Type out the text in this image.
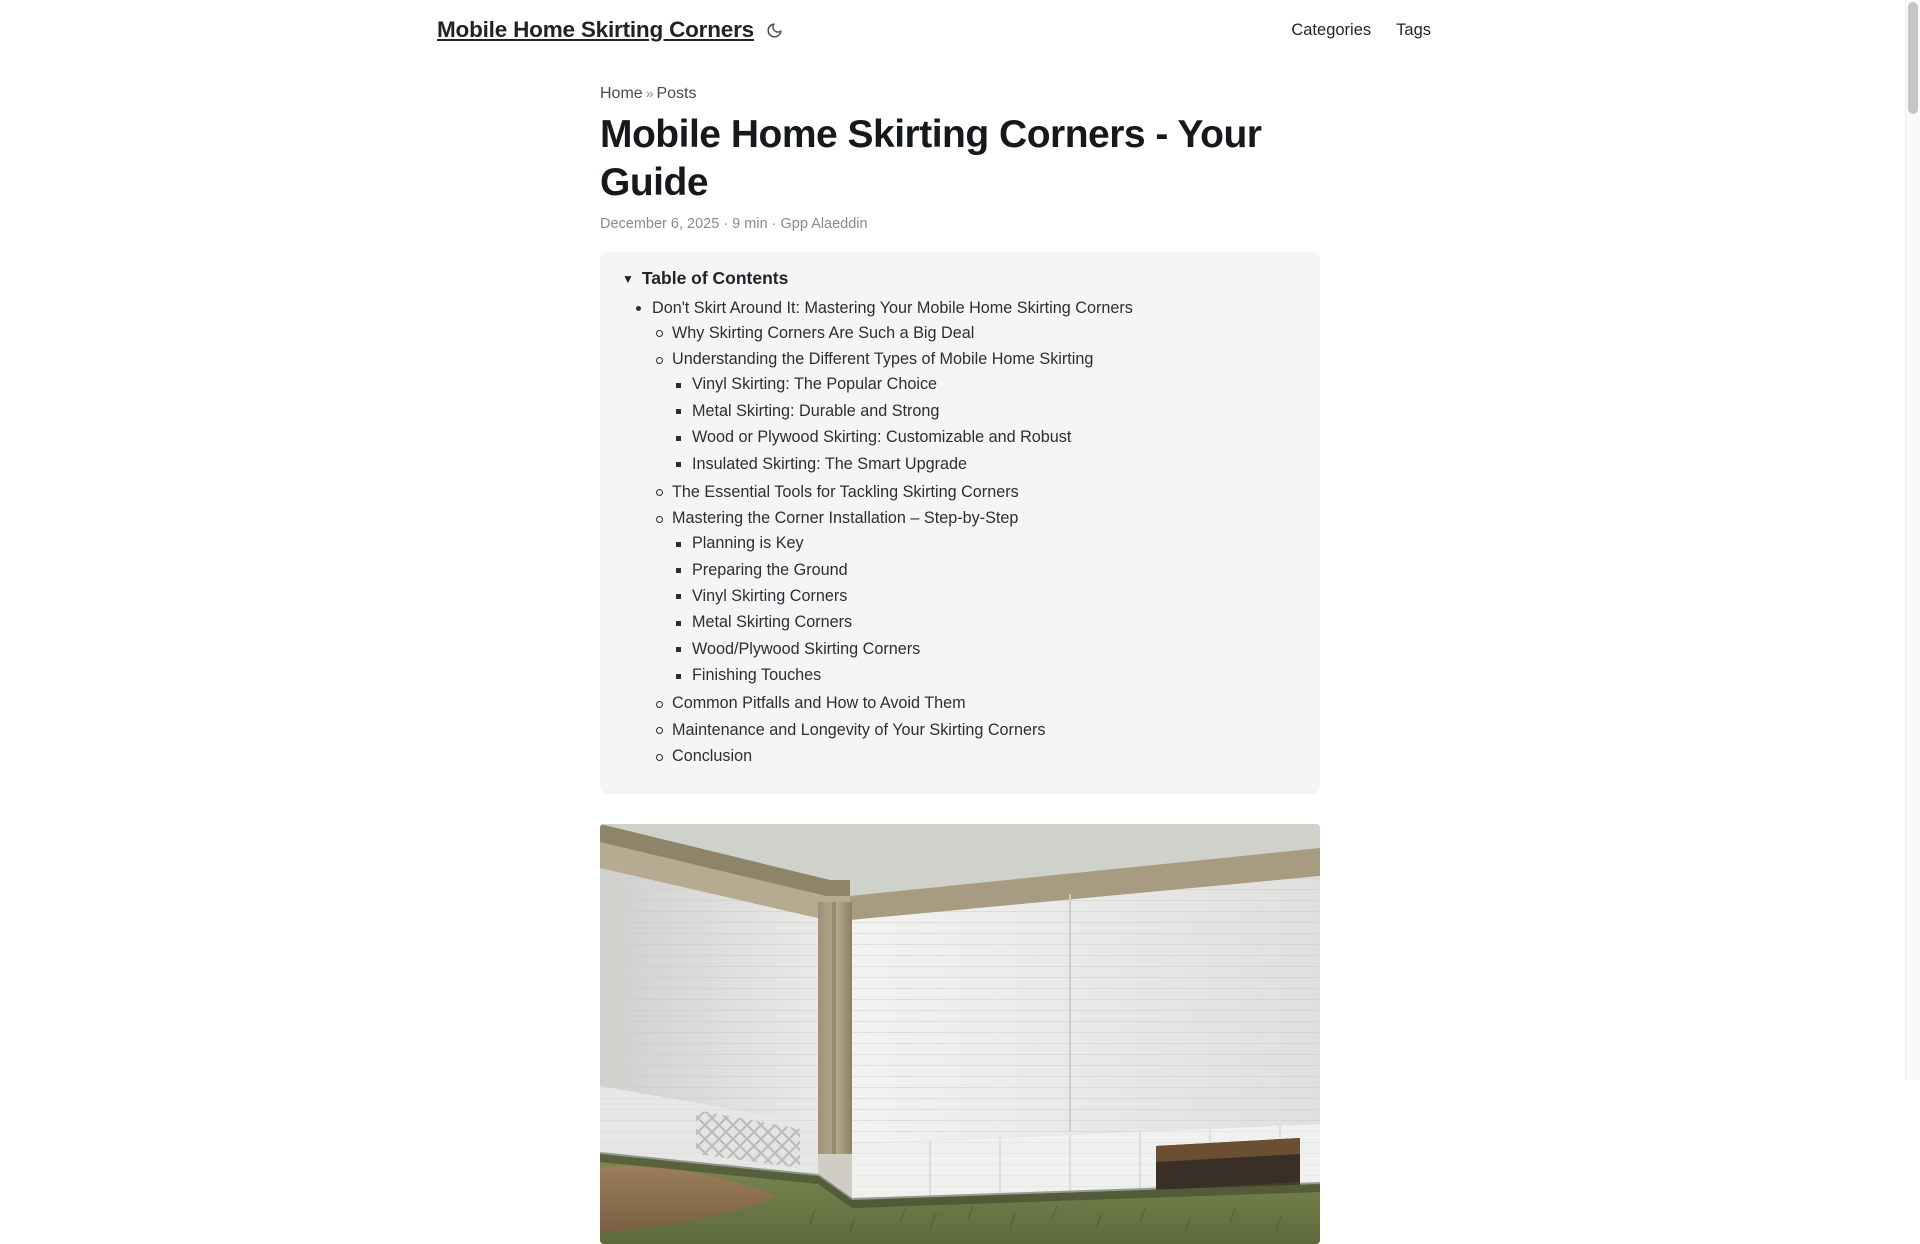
Mobile Home Skirting Corners	Categories Tags
Home » Posts
Mobile Home Skirting Corners - Your Guide
December 6, 2025 · 9 min · Gpp Alaeddin
▼ Table of Contents
Don't Skirt Around It: Mastering Your Mobile Home Skirting Corners
Why Skirting Corners Are Such a Big Deal
Understanding the Different Types of Mobile Home Skirting
Vinyl Skirting: The Popular Choice
Metal Skirting: Durable and Strong
Wood or Plywood Skirting: Customizable and Robust
Insulated Skirting: The Smart Upgrade
The Essential Tools for Tackling Skirting Corners
Mastering the Corner Installation – Step-by-Step
Planning is Key
Preparing the Ground
Vinyl Skirting Corners
Metal Skirting Corners
Wood/Plywood Skirting Corners
Finishing Touches
Common Pitfalls and How to Avoid Them
Maintenance and Longevity of Your Skirting Corners
Conclusion
